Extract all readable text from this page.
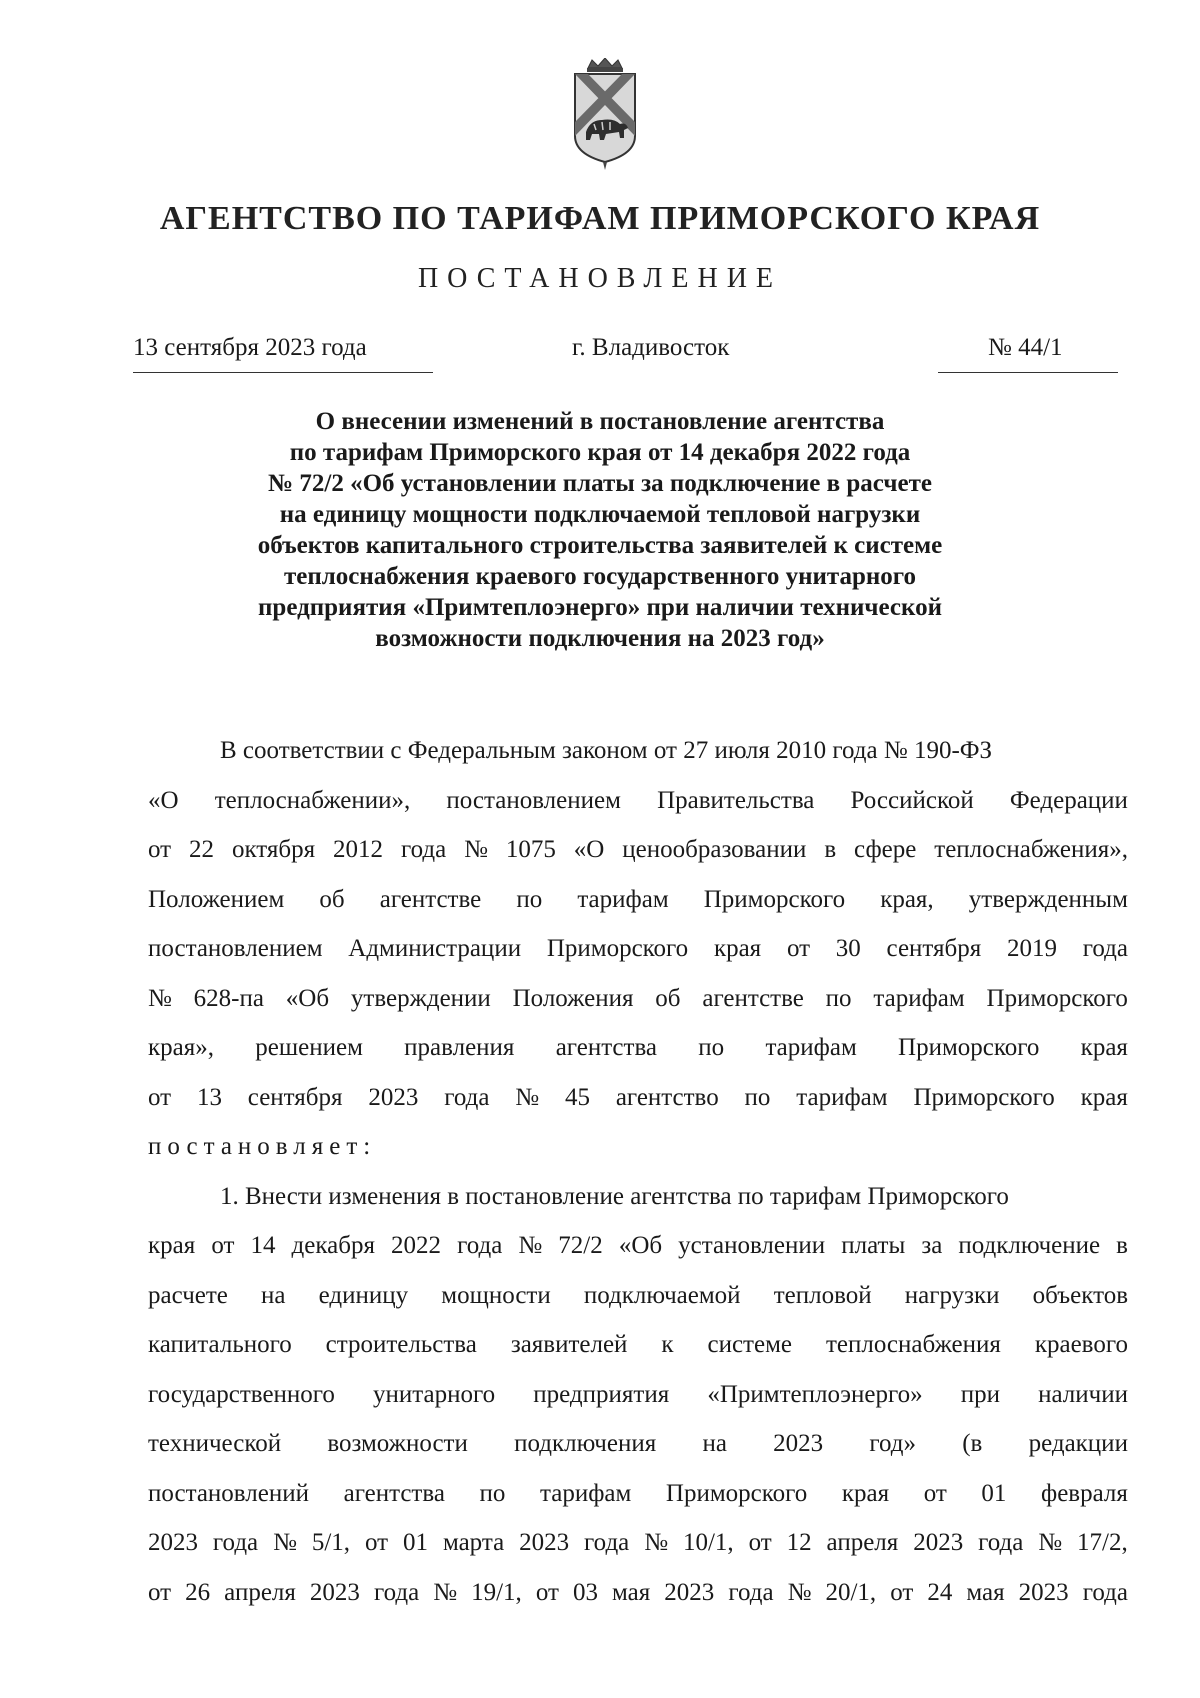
АГЕНТСТВО ПО ТАРИФАМ ПРИМОРСКОГО КРАЯ
ПОСТАНОВЛЕНИЕ
13 сентября 2023 года	г. Владивосток	№ 44/1
О внесении изменений в постановление агентства
по тарифам Приморского края от 14 декабря 2022 года
№ 72/2 «Об установлении платы за подключение в расчете
на единицу мощности подключаемой тепловой нагрузки
объектов капитального строительства заявителей к системе
теплоснабжения краевого государственного унитарного
предприятия «Примтеплоэнерго» при наличии технической
возможности подключения на 2023 год»
В соответствии с Федеральным законом от 27 июля 2010 года № 190-ФЗ
«О теплоснабжении», постановлением Правительства Российской Федерации
от 22 октября 2012 года № 1075 «О ценообразовании в сфере теплоснабжения»,
Положением об агентстве по тарифам Приморского края, утвержденным
постановлением Администрации Приморского края от 30 сентября 2019 года
№ 628-па «Об утверждении Положения об агентстве по тарифам Приморского
края», решением правления агентства по тарифам Приморского края
от 13 сентября 2023 года № 45 агентство по тарифам Приморского края
постановляет:
1. Внести изменения в постановление агентства по тарифам Приморского
края от 14 декабря 2022 года № 72/2 «Об установлении платы за подключение в
расчете на единицу мощности подключаемой тепловой нагрузки объектов
капитального строительства заявителей к системе теплоснабжения краевого
государственного унитарного предприятия «Примтеплоэнерго» при наличии
технической возможности подключения на 2023 год» (в редакции
постановлений агентства по тарифам Приморского края от 01 февраля
2023 года № 5/1, от 01 марта 2023 года № 10/1, от 12 апреля 2023 года № 17/2,
от 26 апреля 2023 года № 19/1, от 03 мая 2023 года № 20/1, от 24 мая 2023 года
